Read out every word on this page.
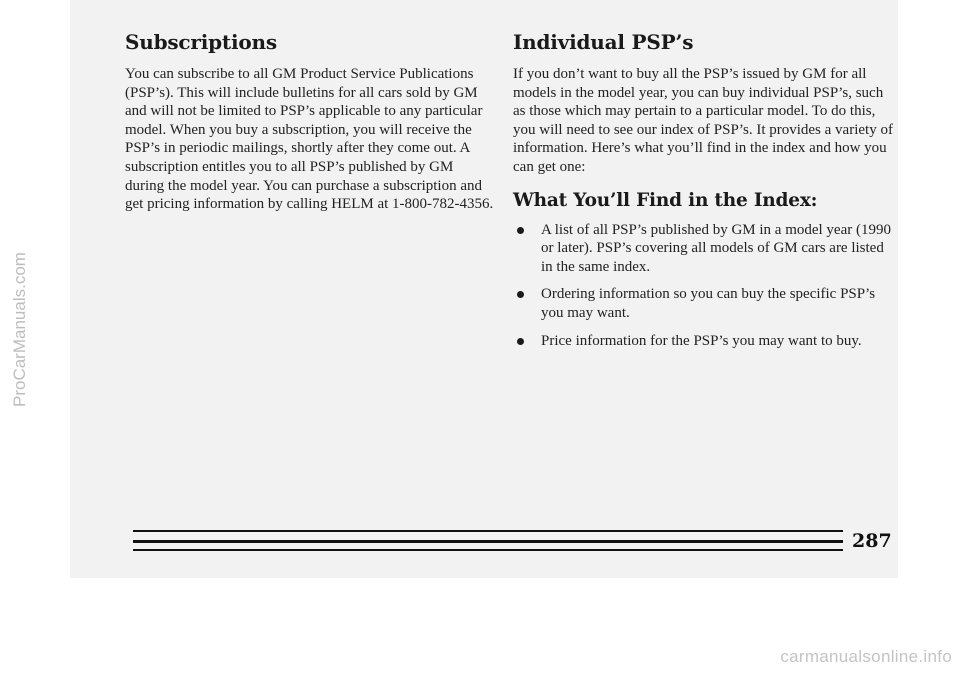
ProCarManuals.com
Subscriptions

You can subscribe to all GM Product Service Publications (PSP’s). This will include bulletins for all cars sold by GM and will not be limited to PSP’s applicable to any particular model. When you buy a subscription, you will receive the PSP’s in periodic mailings, shortly after they come out. A subscription entitles you to all PSP’s published by GM during the model year. You can purchase a subscription and get pricing information by calling HELM at 1-800-782-4356.

Individual PSP’s

If you don’t want to buy all the PSP’s issued by GM for all models in the model year, you can buy individual PSP’s, such as those which may pertain to a particular model. To do this, you will need to see our index of PSP’s. It provides a variety of information. Here’s what you’ll find in the index and how you can get one:

What You’ll Find in the Index:
A list of all PSP’s published by GM in a model year (1990 or later). PSP’s covering all models of GM cars are listed in the same index.
Ordering information so you can buy the specific PSP’s you may want.
Price information for the PSP’s you may want to buy.
287
carmanualsonline.info
